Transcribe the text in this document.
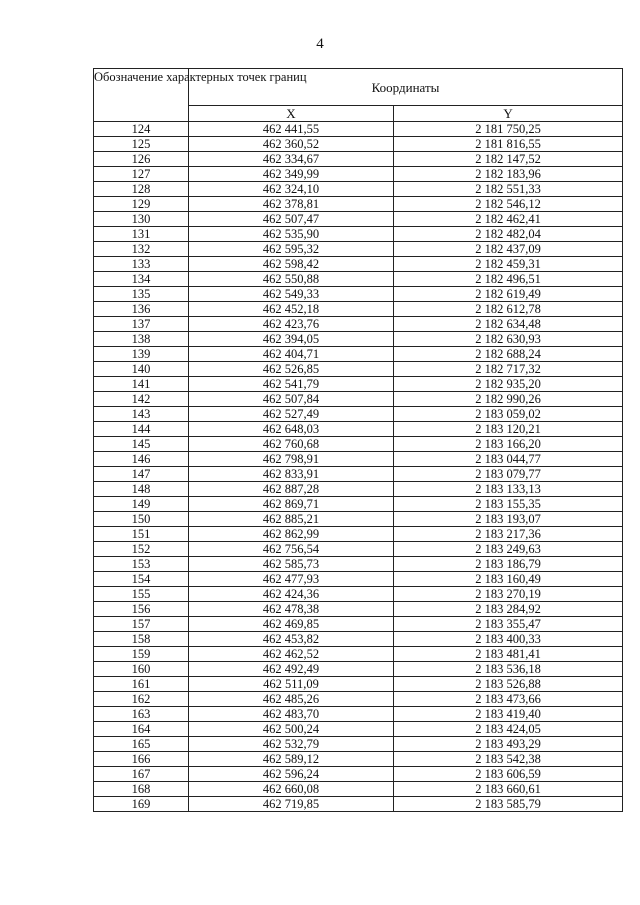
4
Обозначение характерных точек границ	Координаты	
	X	Y
124	462 441,55	2 181 750,25
125	462 360,52	2 181 816,55
126	462 334,67	2 182 147,52
127	462 349,99	2 182 183,96
128	462 324,10	2 182 551,33
129	462 378,81	2 182 546,12
130	462 507,47	2 182 462,41
131	462 535,90	2 182 482,04
132	462 595,32	2 182 437,09
133	462 598,42	2 182 459,31
134	462 550,88	2 182 496,51
135	462 549,33	2 182 619,49
136	462 452,18	2 182 612,78
137	462 423,76	2 182 634,48
138	462 394,05	2 182 630,93
139	462 404,71	2 182 688,24
140	462 526,85	2 182 717,32
141	462 541,79	2 182 935,20
142	462 507,84	2 182 990,26
143	462 527,49	2 183 059,02
144	462 648,03	2 183 120,21
145	462 760,68	2 183 166,20
146	462 798,91	2 183 044,77
147	462 833,91	2 183 079,77
148	462 887,28	2 183 133,13
149	462 869,71	2 183 155,35
150	462 885,21	2 183 193,07
151	462 862,99	2 183 217,36
152	462 756,54	2 183 249,63
153	462 585,73	2 183 186,79
154	462 477,93	2 183 160,49
155	462 424,36	2 183 270,19
156	462 478,38	2 183 284,92
157	462 469,85	2 183 355,47
158	462 453,82	2 183 400,33
159	462 462,52	2 183 481,41
160	462 492,49	2 183 536,18
161	462 511,09	2 183 526,88
162	462 485,26	2 183 473,66
163	462 483,70	2 183 419,40
164	462 500,24	2 183 424,05
165	462 532,79	2 183 493,29
166	462 589,12	2 183 542,38
167	462 596,24	2 183 606,59
168	462 660,08	2 183 660,61
169	462 719,85	2 183 585,79
